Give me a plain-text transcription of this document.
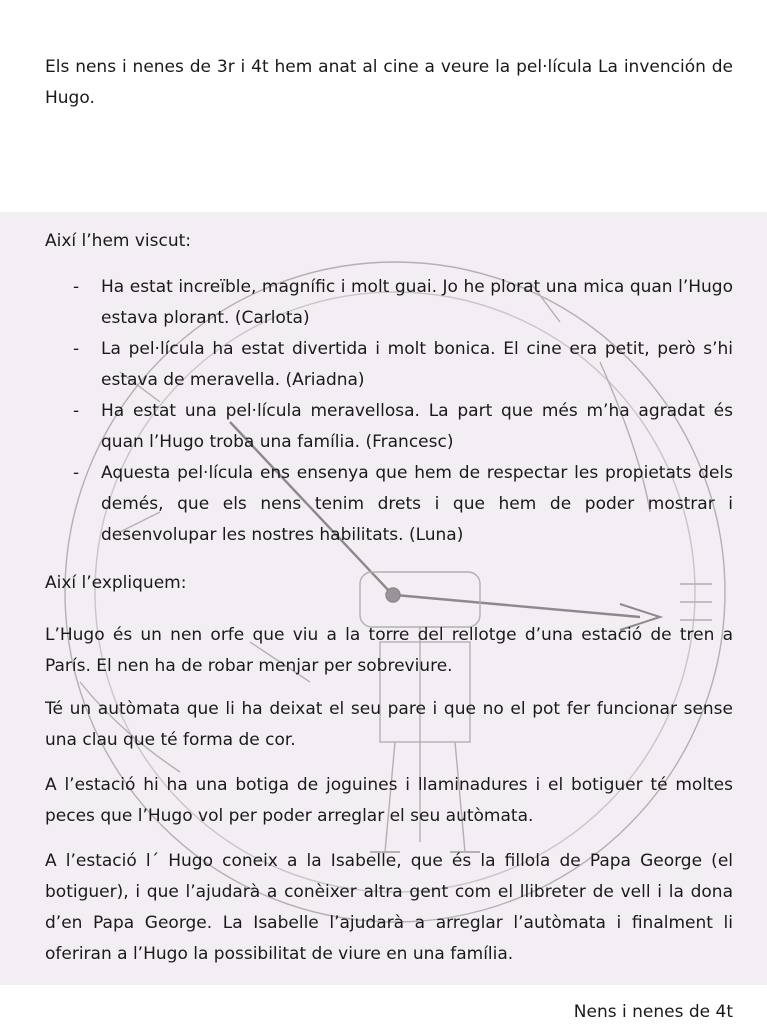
Els nens i nenes de 3r i 4t hem anat al cine a veure la pel·lícula La invención de Hugo.

Així l’hem viscut:

- Ha estat increïble, magnífic i molt guai. Jo he plorat una mica quan l’Hugo estava plorant. (Carlota)
- La pel·lícula ha estat divertida i molt bonica. El cine era petit, però s’hi estava de meravella. (Ariadna)
- Ha estat una pel·lícula meravellosa. La part que més m’ha agradat és quan l’Hugo troba una família. (Francesc)
- Aquesta pel·lícula ens ensenya que hem de respectar les propietats dels demés, que els nens tenim drets i que hem de poder mostrar i desenvolupar les nostres habilitats. (Luna)

Així l’expliquem:

L’Hugo és un nen orfe que viu a la torre del rellotge d’una estació de tren a París. El nen ha de robar menjar per sobreviure.

Té un autòmata que li ha deixat el seu pare i que no el pot fer funcionar sense una clau que té forma de cor.

A l’estació hi ha una botiga de joguines i llaminadures i el botiguer té moltes peces que l’Hugo vol per poder arreglar el seu autòmata.

A l’estació l´ Hugo coneix a la Isabelle, que és la fillola de Papa George (el botiguer), i que l’ajudarà a conèixer altra gent com el llibreter de vell i la dona d’en Papa George. La Isabelle l’ajudarà a arreglar l’autòmata i finalment li oferiran a l’Hugo la possibilitat de viure en una família.

Nens i nenes de 4t
